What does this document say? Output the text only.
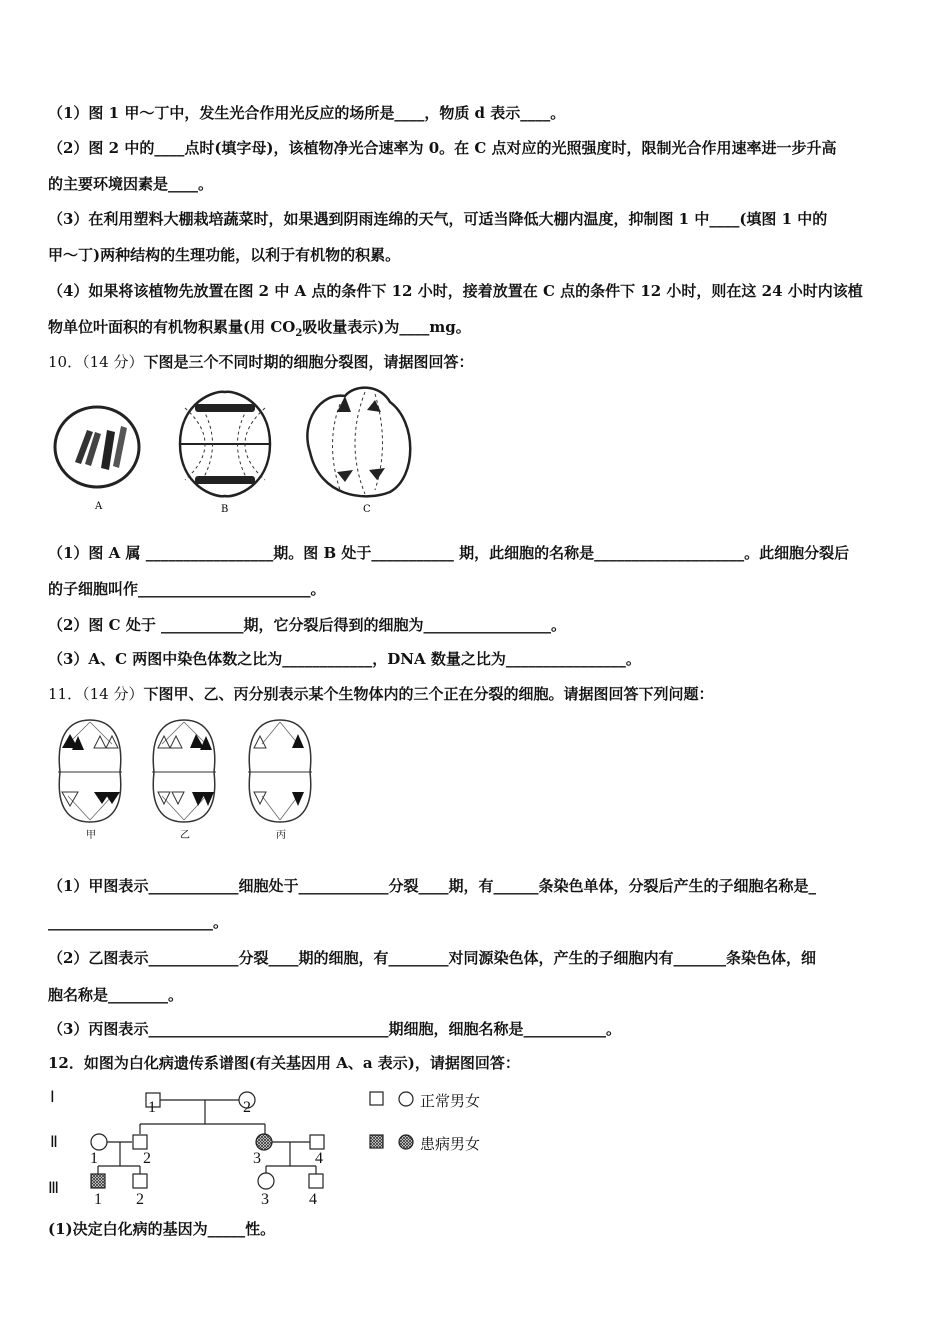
（1）图 1 甲～丁中，发生光合作用光反应的场所是____，物质 d 表示____。
（2）图 2 中的____点时(填字母)，该植物净光合速率为 0。在 C 点对应的光照强度时，限制光合作用速率进一步升高
的主要环境因素是____。
（3）在利用塑料大棚栽培蔬菜时，如果遇到阴雨连绵的天气，可适当降低大棚内温度，抑制图 1 中____(填图 1 中的
甲～丁)两种结构的生理功能，以利于有机物的积累。
（4）如果将该植物先放置在图 2 中 A 点的条件下 12 小时，接着放置在 C 点的条件下 12 小时，则在这 24 小时内该植
物单位叶面积的有机物积累量(用 $CO_2$吸收量表示)为____mg。
10．（14 分）下图是三个不同时期的细胞分裂图，请据图回答：
A	B	C
（1）图 A 属 _________________期。图 B 处于___________ 期，此细胞的名称是____________________。此细胞分裂后
的子细胞叫作_______________________。
（2）图 C 处于 ___________期，它分裂后得到的细胞为_________________。
（3）A、C 两图中染色体数之比为____________，DNA 数量之比为________________。
11．（14 分）下图甲、乙、丙分别表示某个生物体内的三个正在分裂的细胞。请据图回答下列问题：
甲	乙	丙
（1）甲图表示____________细胞处于____________分裂____期，有______条染色单体，分裂后产生的子细胞名称是_
______________________。
（2）乙图表示____________分裂____期的细胞，有________对同源染色体，产生的子细胞内有_______条染色体，细
胞名称是________。
（3）丙图表示________________________________期细胞，细胞名称是___________。
12．如图为白化病遗传系谱图(有关基因用 A、a 表示)，请据图回答：
Ⅰ
Ⅱ
Ⅲ
1	2
1	2	3	4
1 2	3	4
正常男女
患病男女
(1)决定白化病的基因为_____性。
